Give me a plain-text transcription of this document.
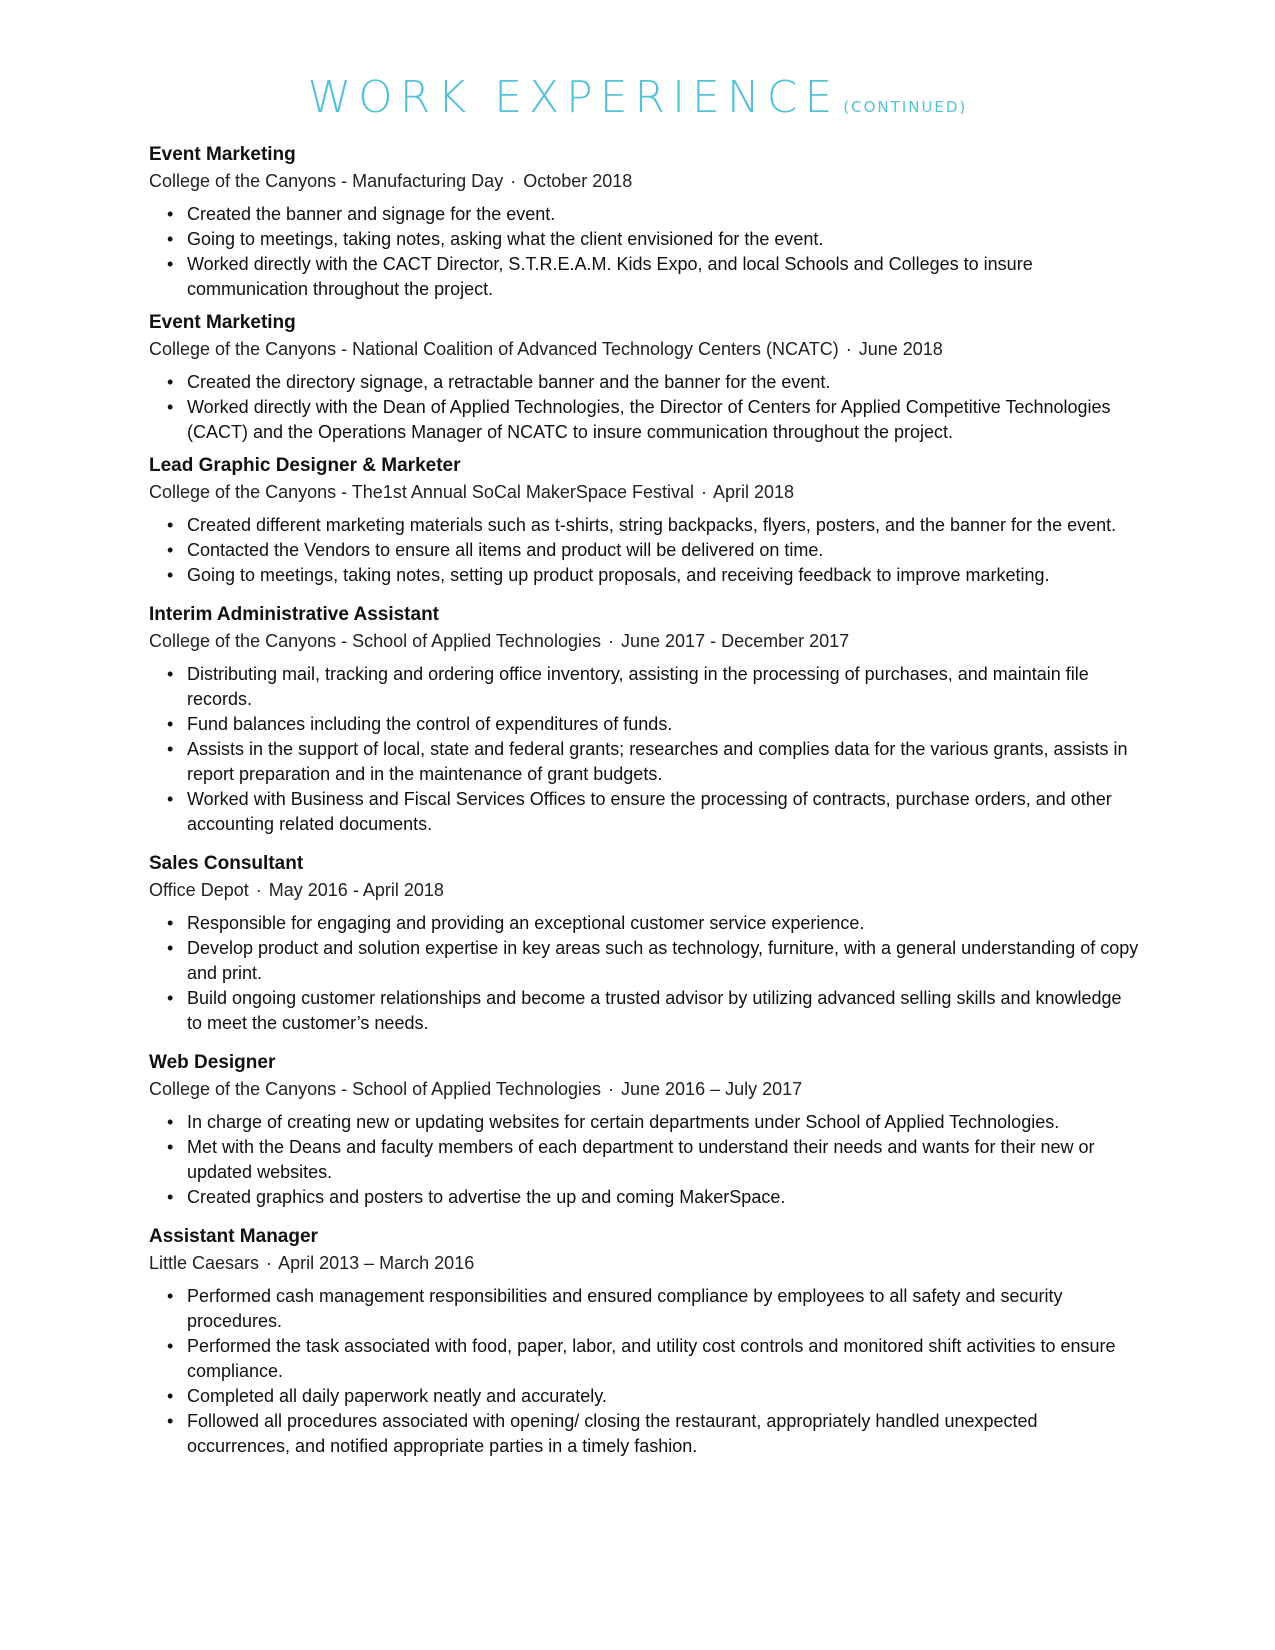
WORK EXPERIENCE (CONTINUED)
Event Marketing
College of the Canyons - Manufacturing Day · October 2018
• Created the banner and signage for the event.
• Going to meetings, taking notes, asking what the client envisioned for the event.
• Worked directly with the CACT Director, S.T.R.E.A.M. Kids Expo, and local Schools and Colleges to insure communication throughout the project.
Event Marketing
College of the Canyons - National Coalition of Advanced Technology Centers (NCATC) · June 2018
• Created the directory signage, a retractable banner and the banner for the event.
• Worked directly with the Dean of Applied Technologies, the Director of Centers for Applied Competitive Technologies (CACT) and the Operations Manager of NCATC to insure communication throughout the project.
Lead Graphic Designer & Marketer
College of the Canyons - The1st Annual SoCal MakerSpace Festival · April 2018
• Created different marketing materials such as t-shirts, string backpacks, flyers, posters, and the banner for the event.
• Contacted the Vendors to ensure all items and product will be delivered on time.
• Going to meetings, taking notes, setting up product proposals, and receiving feedback to improve marketing.
Interim Administrative Assistant
College of the Canyons - School of Applied Technologies · June 2017 - December 2017
• Distributing mail, tracking and ordering office inventory, assisting in the processing of purchases, and maintain file records.
• Fund balances including the control of expenditures of funds.
• Assists in the support of local, state and federal grants; researches and complies data for the various grants, assists in report preparation and in the maintenance of grant budgets.
• Worked with Business and Fiscal Services Offices to ensure the processing of contracts, purchase orders, and other accounting related documents.
Sales Consultant
Office Depot · May 2016 - April 2018
• Responsible for engaging and providing an exceptional customer service experience.
• Develop product and solution expertise in key areas such as technology, furniture, with a general understanding of copy and print.
• Build ongoing customer relationships and become a trusted advisor by utilizing advanced selling skills and knowledge to meet the customer’s needs.
Web Designer
College of the Canyons - School of Applied Technologies · June 2016 – July 2017
• In charge of creating new or updating websites for certain departments under School of Applied Technologies.
• Met with the Deans and faculty members of each department to understand their needs and wants for their new or updated websites.
• Created graphics and posters to advertise the up and coming MakerSpace.
Assistant Manager
Little Caesars · April 2013 – March 2016
• Performed cash management responsibilities and ensured compliance by employees to all safety and security procedures.
• Performed the task associated with food, paper, labor, and utility cost controls and monitored shift activities to ensure compliance.
• Completed all daily paperwork neatly and accurately.
• Followed all procedures associated with opening/ closing the restaurant, appropriately handled unexpected occurrences, and notified appropriate parties in a timely fashion.
